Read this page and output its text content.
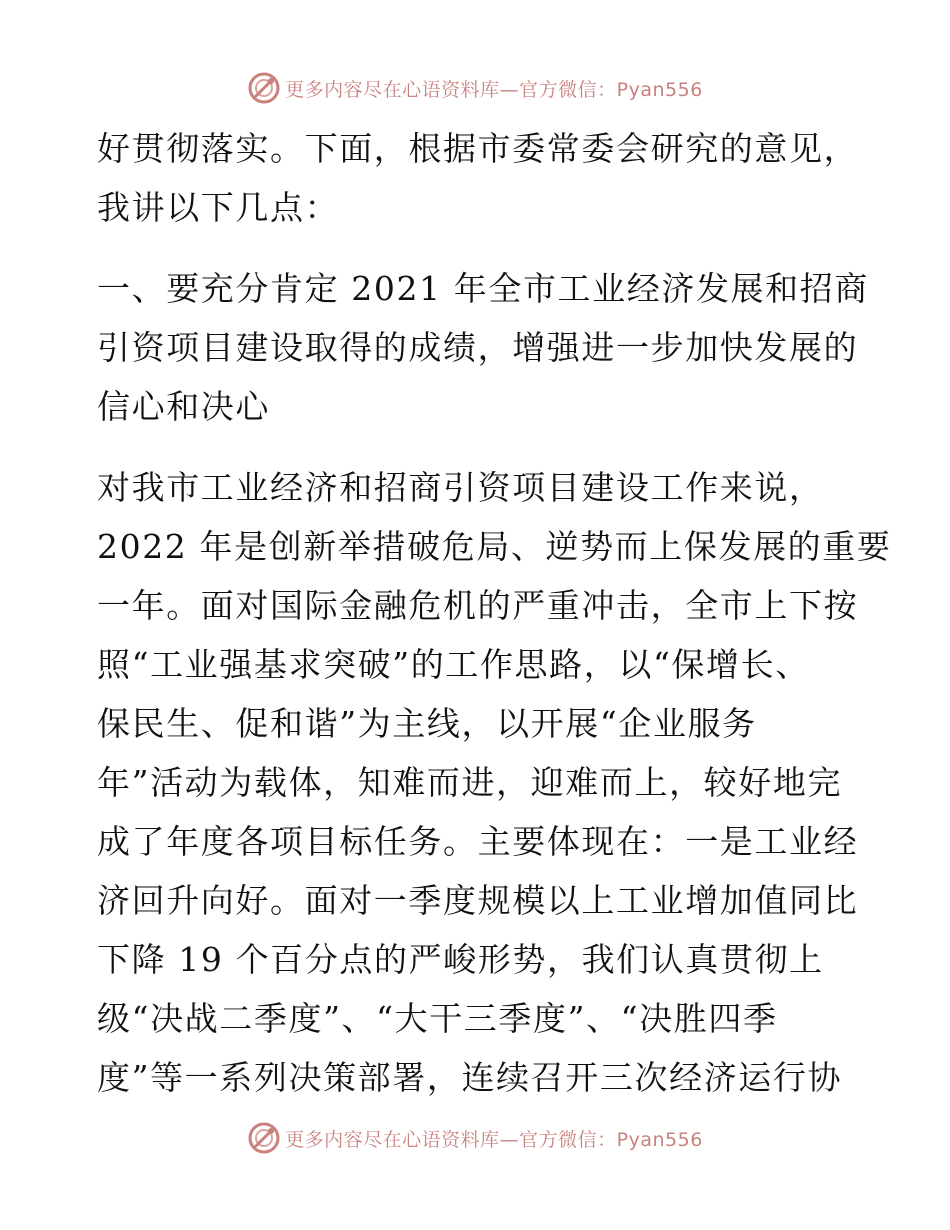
更多内容尽在心语资料库—官方微信：Pyan556
好贯彻落实。下面，根据市委常委会研究的意见，
我讲以下几点：
一、要充分肯定 2021 年全市工业经济发展和招商
引资项目建设取得的成绩，增强进一步加快发展的
信心和决心
对我市工业经济和招商引资项目建设工作来说，
2022 年是创新举措破危局、逆势而上保发展的重要
一年。面对国际金融危机的严重冲击，全市上下按
照“工业强基求突破”的工作思路，以“保增长、
保民生、促和谐”为主线，以开展“企业服务
年”活动为载体，知难而进，迎难而上，较好地完
成了年度各项目标任务。主要体现在：一是工业经
济回升向好。面对一季度规模以上工业增加值同比
下降 19 个百分点的严峻形势，我们认真贯彻上
级“决战二季度”、“大干三季度”、“决胜四季
度”等一系列决策部署，连续召开三次经济运行协
更多内容尽在心语资料库—官方微信：Pyan556
